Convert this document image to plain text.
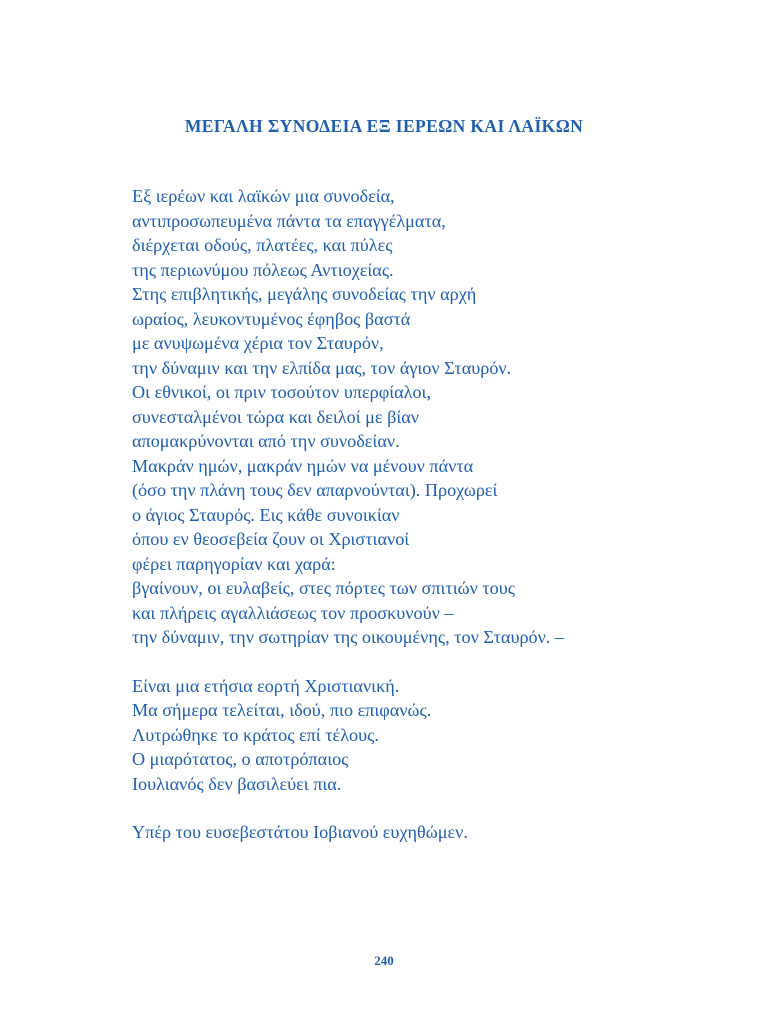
ΜΕΓΑΛΗ ΣΥΝΟΔΕΙΑ ΕΞ ΙΕΡΕΩΝ ΚΑΙ ΛΑΪΚΩΝ
Εξ ιερέων και λαϊκών μια συνοδεία,
αντιπροσωπευμένα πάντα τα επαγγέλματα,
διέρχεται οδούς, πλατέες, και πύλες
της περιωνύμου πόλεως Αντιοχείας.
Στης επιβλητικής, μεγάλης συνοδείας την αρχή
ωραίος, λευκοντυμένος έφηβος βαστά
με ανυψωμένα χέρια τον Σταυρόν,
την δύναμιν και την ελπίδα μας, τον άγιον Σταυρόν.
Οι εθνικοί, οι πριν τοσούτον υπερφίαλοι,
συνεσταλμένοι τώρα και δειλοί με βίαν
απομακρύνονται από την συνοδείαν.
Μακράν ημών, μακράν ημών να μένουν πάντα
(όσο την πλάνη τους δεν απαρνούνται). Προχωρεί
ο άγιος Σταυρός. Εις κάθε συνοικίαν
όπου εν θεοσεβεία ζουν οι Χριστιανοί
φέρει παρηγορίαν και χαρά:
βγαίνουν, οι ευλαβείς, στες πόρτες των σπιτιών τους
και πλήρεις αγαλλιάσεως τον προσκυνούν –
την δύναμιν, την σωτηρίαν της οικουμένης, τον Σταυρόν. –
Είναι μια ετήσια εορτή Χριστιανική.
Μα σήμερα τελείται, ιδού, πιο επιφανώς.
Λυτρώθηκε το κράτος επί τέλους.
Ο μιαρότατος, ο αποτρόπαιος
Ιουλιανός δεν βασιλεύει πια.
Υπέρ του ευσεβεστάτου Ιοβιανού ευχηθώμεν.
240
